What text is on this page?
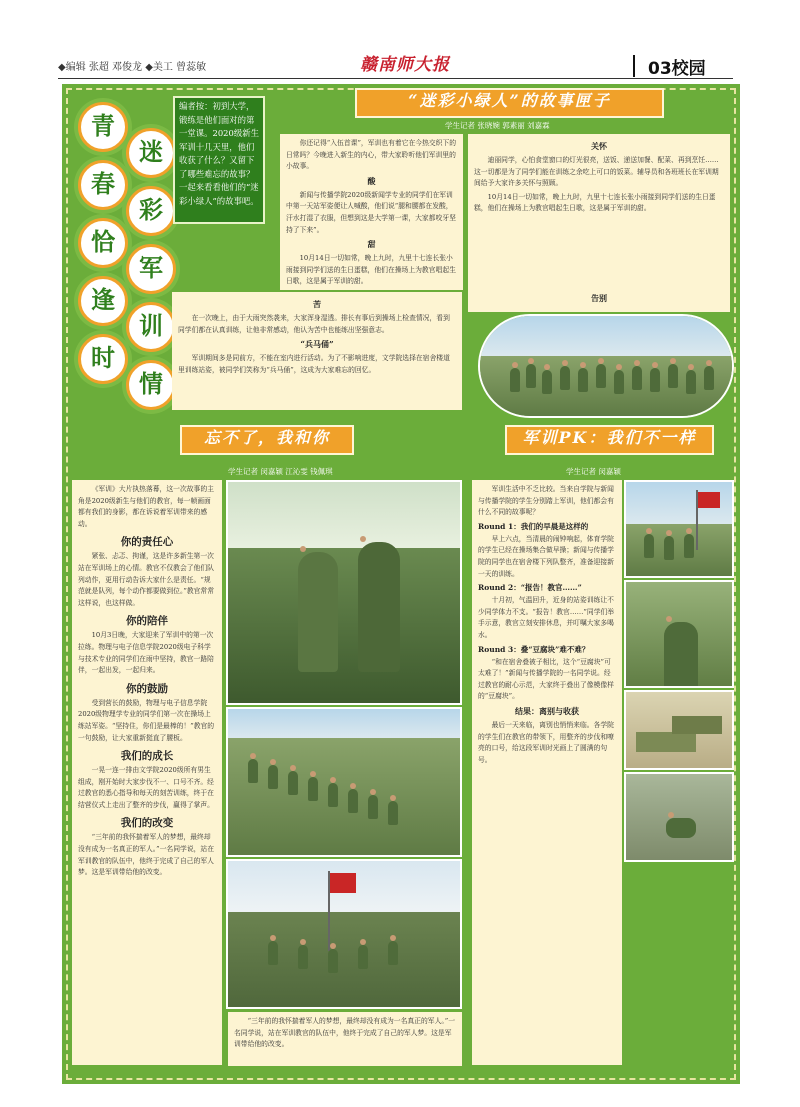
◆编辑 张超 邓俊龙 ◆美工 曾蕊敏	赣南师大报	03校园
青
迷
春
彩
恰
军
逢
训
时
情
编者按：初到大学，锻练是他们面对的第一堂课。2020级新生军训十几天里，他们收获了什么？又留下了哪些难忘的故事？一起来看看他们的“迷彩小绿人”的故事吧。
“迷彩小绿人”的故事匣子
学生记者 张晓婉 郭素丽 刘嘉霖

你还记得“入伍首课”，军训也有着它在今热交织下的日常吗？今晚进入新生的内心，带大家聆听他们军训里的小故事。

酸

新闻与传播学院2020级新闻学专业的同学们在军训中第一天站军姿便让人喊酸，他们说“腿和腰都在发酸，汗水打湿了衣服，但想到这是大学第一课，大家都咬牙坚持了下来”。

甜

10月14日一切如常，晚上九时，九里十七连长张小雨接到同学们送的生日蛋糕，他们在操场上为教官唱起生日歌，这是属于军训的甜。

关怀

迪丽同学，心怕食堂窗口的灯光很亮，送饭、递送加餐、配菜、再到烹饪……这一切都是为了同学们能在训练之余吃上可口的饭菜。辅导员和各班班长在军训期间给予大家许多关怀与照顾。

10月14日一切如常，晚上九时，九里十七连长张小雨接到同学们送的生日蛋糕，他们在操场上为教官唱起生日歌，这是属于军训的甜。

苦

在一次晚上，由于大雨突然袭来，大家浑身湿透。排长有事后到操场上检查情况，看到同学们都在认真训练，让他非常感动，他认为苦中也能练出坚强意志。

“兵马俑”

军训期间多是同前方，不能在室内进行活动。为了不影响进度，文学院选择在宿舍楼道里训练站姿，被同学们笑称为“兵马俑”，这成为大家难忘的回忆。

告别
忘不了，我和你	军训PK：我们不一样
学生记者 闵嘉颖 江沁雯 钱佩琪	学生记者 闵嘉颖

《军训》大片执热落幕，这一次故事的主角是2020级新生与他们的教官，每一帧画面都有我们的身影，都在诉说着军训带来的感动。

你的责任心

紧张、忐忑、拘谨，这是许多新生第一次站在军训场上的心情。教官不仅教会了他们队列动作，更用行动告诉大家什么是责任。“规范就是队列，每个动作都要做到位。”教官常常这样说，也这样做。

你的陪伴

10月3日晚，大家迎来了军训中的第一次拉练。物理与电子信息学院2020级电子科学与技术专业的同学们在雨中坚持，教官一路陪伴，一起出发，一起归来。

你的鼓励

受到营长的鼓励，物理与电子信息学院2020级物理学专业的同学们第一次在操场上练站军姿。“坚持住，你们是最棒的！”教官的一句鼓励，让大家重新挺直了腰板。

我们的成长

一晃一连一排由文学院2020级所有男生组成，刚开始时大家步伐不一、口号不齐。经过教官的悉心指导和每天的刻苦训练，终于在结营仪式上走出了整齐的步伐，赢得了掌声。

我们的改变

“三年前的我怀揣着军人的梦想，最终却没有成为一名真正的军人。”一名同学说，站在军训教官的队伍中，他终于完成了自己的军人梦。这是军训带给他的改变。

“三年前的我怀揣着军人的梦想，最终却没有成为一名真正的军人。”一名同学说，站在军训教官的队伍中，他终于完成了自己的军人梦。这是军训带给他的改变。

军训生活中不乏比较。当来自学院与新闻与传播学院的学生分别踏上军训，他们都会有什么不同的故事呢？

Round 1：我们的早晨是这样的

早上六点，当清晨的闹钟响起，体育学院的学生已经在操场集合做早操；新闻与传播学院的同学也在宿舍楼下列队整齐，准备迎接新一天的训练。

Round 2：“报告！教官……”

十月初，气温回升，近身的站姿训练让不少同学体力不支。“报告！教官……”同学们举手示意，教官立刻安排休息，并叮嘱大家多喝水。

Round 3：叠“豆腐块”难不难？

“和在宿舍叠被子相比，这个“豆腐块”可太难了！”新闻与传播学院的一名同学说。经过教官的耐心示范，大家终于叠出了像模像样的“豆腐块”。

结果：离别与收获

最后一天来临，离别也悄悄来临。各学院的学生们在教官的带领下，用整齐的步伐和嘹亮的口号，给这段军训时光画上了圆满的句号。
